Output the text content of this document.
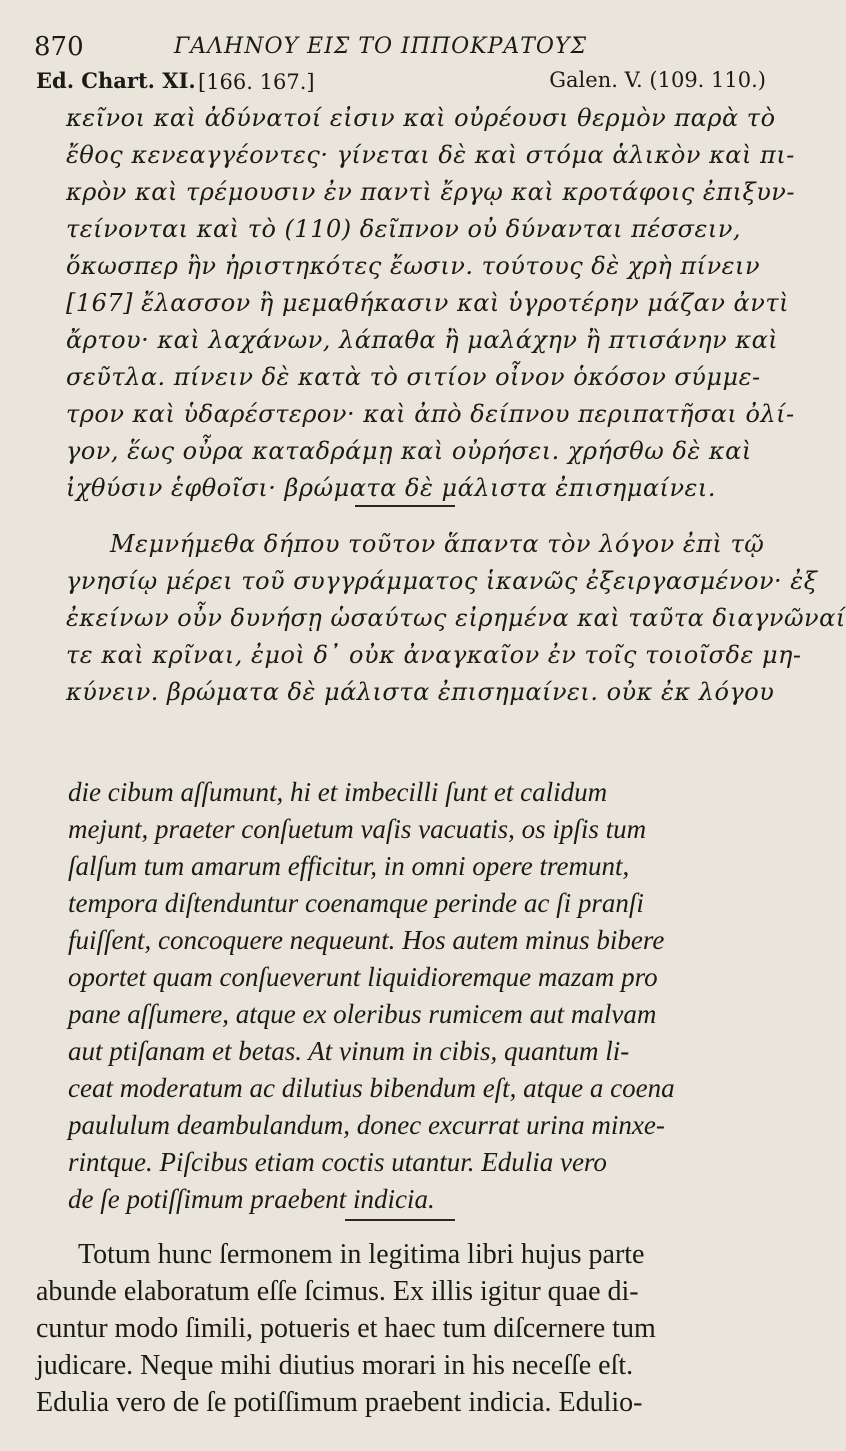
870	ΓΑΛΗΝΟΥ ΕΙΣ ΤΟ ΙΠΠΟΚΡΑΤΟΥΣ
Ed. Chart. XI. [166. 167.]	Galen. V. (109. 110.)
κεῖνοι καὶ ἀδύνατοί εἰσιν καὶ οὐρέουσι θερμὸν παρὰ τὸ
ἔθος κενεαγγέοντες· γίνεται δὲ καὶ στόμα ἁλικὸν καὶ πι-
κρὸν καὶ τρέμουσιν ἐν παντὶ ἔργῳ καὶ κροτάφοις ἐπιξυν-
τείνονται καὶ τὸ (110) δεῖπνον οὐ δύνανται πέσσειν,
ὅκωσπερ ἢν ἠριστηκότες ἔωσιν. τούτους δὲ χρὴ πίνειν
[167] ἔλασσον ἢ μεμαθήκασιν καὶ ὑγροτέρην μάζαν ἀντὶ
ἄρτου· καὶ λαχάνων, λάπαθα ἢ μαλάχην ἢ πτισάνην καὶ
σεῦτλα. πίνειν δὲ κατὰ τὸ σιτίον οἶνον ὁκόσον σύμμε-
τρον καὶ ὑδαρέστερον· καὶ ἀπὸ δείπνου περιπατῆσαι ὀλί-
γον, ἕως οὖρα καταδράμῃ καὶ οὐρήσει. χρήσθω δὲ καὶ
ἰχθύσιν ἑφθοῖσι· βρώματα δὲ μάλιστα ἐπισημαίνει.
Μεμνήμεθα δήπου τοῦτον ἅπαντα τὸν λόγον ἐπὶ τῷ
γνησίῳ μέρει τοῦ συγγράμματος ἱκανῶς ἐξειργασμένον· ἐξ
ἐκείνων οὖν δυνήσῃ ὡσαύτως εἰρημένα καὶ ταῦτα διαγνῶναί
τε καὶ κρῖναι, ἐμοὶ δ᾽ οὐκ ἀναγκαῖον ἐν τοῖς τοιοῖσδε μη-
κύνειν. βρώματα δὲ μάλιστα ἐπισημαίνει. οὐκ ἐκ λόγου
die cibum aſſumunt, hi et imbecilli ſunt et calidum
mejunt, praeter conſuetum vaſis vacuatis, os ipſis tum
ſalſum tum amarum efficitur, in omni opere tremunt,
tempora diſtenduntur coenamque perinde ac ſi pranſi
fuiſſent, concoquere nequeunt. Hos autem minus bibere
oportet quam conſueverunt liquidioremque mazam pro
pane aſſumere, atque ex oleribus rumicem aut malvam
aut ptiſanam et betas. At vinum in cibis, quantum li-
ceat moderatum ac dilutius bibendum eſt, atque a coena
paululum deambulandum, donec excurrat urina minxe-
rintque. Piſcibus etiam coctis utantur. Edulia vero
de ſe potiſſimum praebent indicia.
Totum hunc ſermonem in legitima libri hujus parte
abunde elaboratum eſſe ſcimus. Ex illis igitur quae di-
cuntur modo ſimili, potueris et haec tum diſcernere tum
judicare. Neque mihi diutius morari in his neceſſe eſt.
Edulia vero de ſe potiſſimum praebent indicia. Edulio-
